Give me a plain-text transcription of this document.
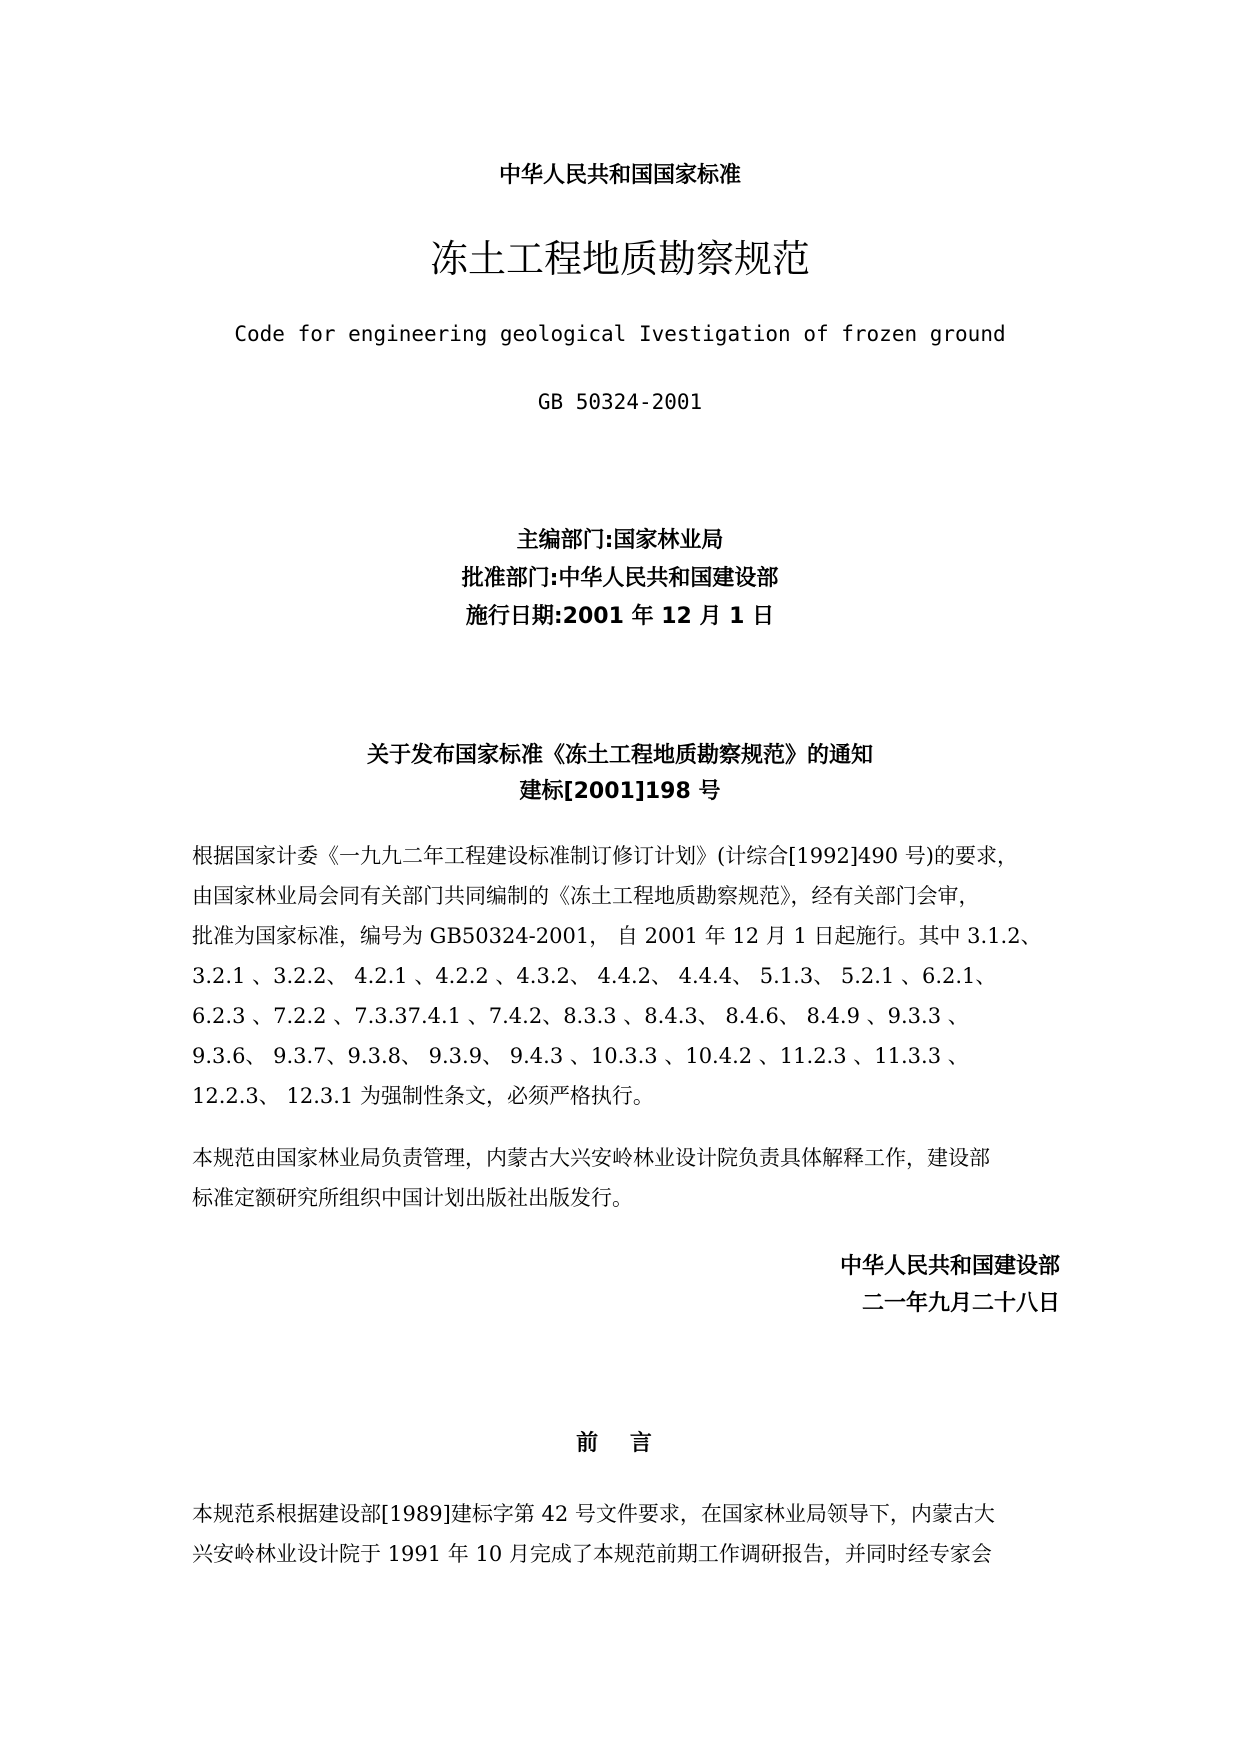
中华人民共和国国家标准
冻土工程地质勘察规范
Code for engineering geological Ivestigation of frozen ground
GB 50324-2001
主编部门:国家林业局
批准部门:中华人民共和国建设部
施行日期:2001 年 12 月 1 日
关于发布国家标准《冻土工程地质勘察规范》的通知
建标[2001]198 号
根据国家计委《一九九二年工程建设标准制订修订计划》(计综合[1992]490 号)的要求，
由国家林业局会同有关部门共同编制的《冻土工程地质勘察规范》，经有关部门会审，
批准为国家标准，编号为 GB50324-2001， 自 2001 年 12 月 1 日起施行。其中 3.1.2、
3.2.1 、3.2.2、 4.2.1 、4.2.2 、4.3.2、 4.4.2、 4.4.4、 5.1.3、 5.2.1 、6.2.1、
6.2.3 、7.2.2 、7.3.37.4.1 、7.4.2、8.3.3 、8.4.3、 8.4.6、 8.4.9 、9.3.3 、
9.3.6、 9.3.7、9.3.8、 9.3.9、 9.4.3 、10.3.3 、10.4.2 、11.2.3 、11.3.3 、
12.2.3、 12.3.1 为强制性条文，必须严格执行。
本规范由国家林业局负责管理，内蒙古大兴安岭林业设计院负责具体解释工作，建设部
标准定额研究所组织中国计划出版社出版发行。
中华人民共和国建设部
二一年九月二十八日
前 言
本规范系根据建设部[1989]建标字第 42 号文件要求，在国家林业局领导下，内蒙古大
兴安岭林业设计院于 1991 年 10 月完成了本规范前期工作调研报告，并同时经专家会
